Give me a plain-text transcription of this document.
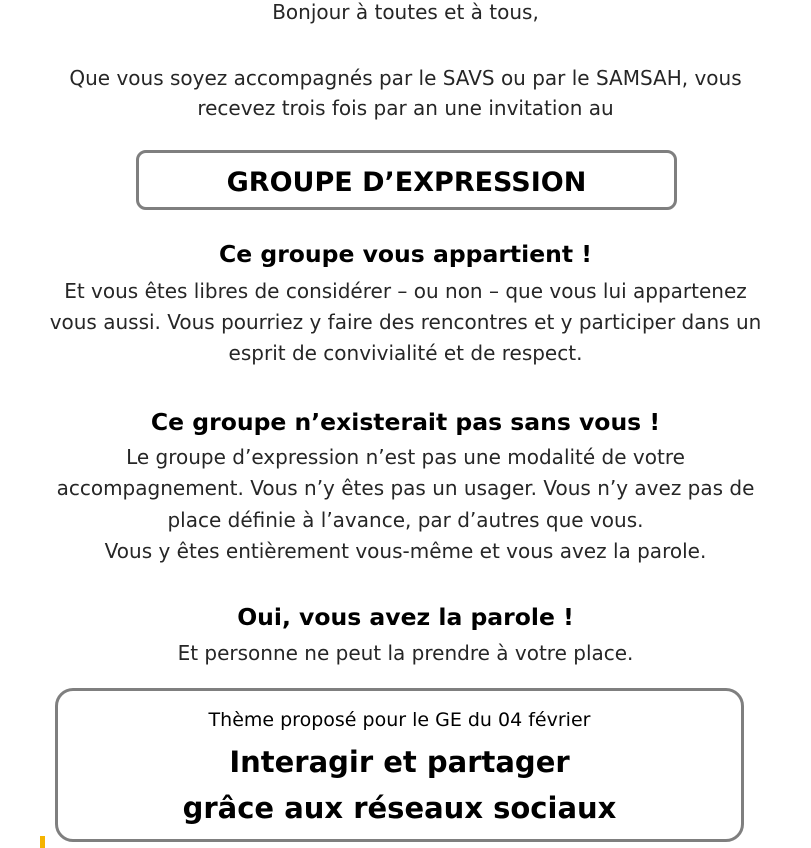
Bonjour à toutes et à tous,
Que vous soyez accompagnés par le SAVS ou par le SAMSAH, vous
recevez trois fois par an une invitation au
GROUPE D’EXPRESSION
Ce groupe vous appartient !
Et vous êtes libres de considérer – ou non – que vous lui appartenez
vous aussi. Vous pourriez y faire des rencontres et y participer dans un
esprit de convivialité et de respect.
Ce groupe n’existerait pas sans vous !
Le groupe d’expression n’est pas une modalité de votre
accompagnement. Vous n’y êtes pas un usager. Vous n’y avez pas de
place définie à l’avance, par d’autres que vous.
Vous y êtes entièrement vous-même et vous avez la parole.
Oui, vous avez la parole !
Et personne ne peut la prendre à votre place.
Thème proposé pour le GE du 04 février
Interagir et partager
grâce aux réseaux sociaux
